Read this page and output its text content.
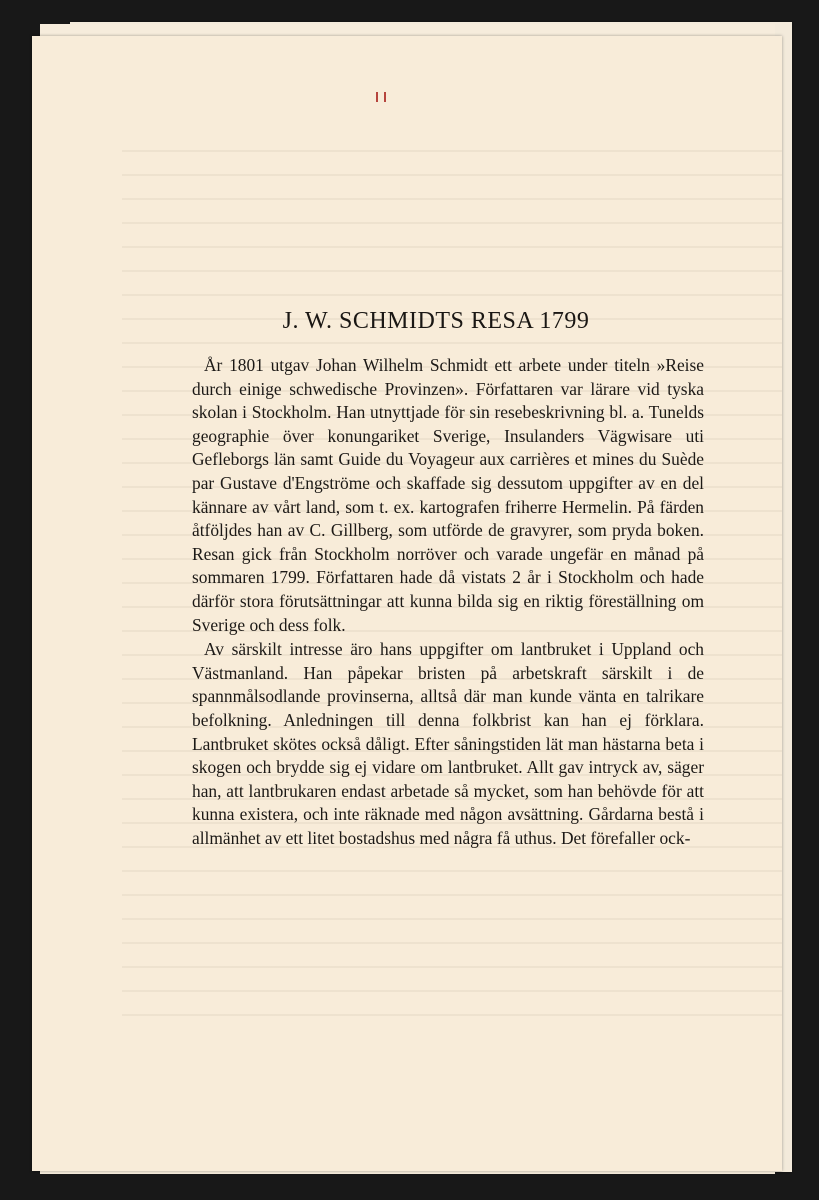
J. W. SCHMIDTS RESA 1799

År 1801 utgav Johan Wilhelm Schmidt ett arbete under titeln »Reise durch einige schwedische Provinzen». Författaren var lärare vid tyska skolan i Stockholm. Han utnyttjade för sin resebeskrivning bl. a. Tunelds geographie över konungariket Sverige, Insulanders Vägwisare uti Gefleborgs län samt Guide du Voyageur aux carrières et mines du Suède par Gustave d'Engströme och skaffade sig dessutom uppgifter av en del kännare av vårt land, som t. ex. kartografen friherre Hermelin. På färden åtföljdes han av C. Gillberg, som utförde de gravyrer, som pryda boken. Resan gick från Stockholm norröver och varade ungefär en månad på sommaren 1799. Författaren hade då vistats 2 år i Stockholm och hade därför stora förutsättningar att kunna bilda sig en riktig föreställning om Sverige och dess folk.

Av särskilt intresse äro hans uppgifter om lantbruket i Uppland och Västmanland. Han påpekar bristen på arbetskraft särskilt i de spannmålsodlande provinserna, alltså där man kunde vänta en talrikare befolkning. Anledningen till denna folkbrist kan han ej förklara. Lantbruket skötes också dåligt. Efter såningstiden lät man hästarna beta i skogen och brydde sig ej vidare om lantbruket. Allt gav intryck av, säger han, att lantbrukaren endast arbetade så mycket, som han behövde för att kunna existera, och inte räknade med någon avsättning. Gårdarna bestå i allmänhet av ett litet bostadshus med några få uthus. Det förefaller ock-
